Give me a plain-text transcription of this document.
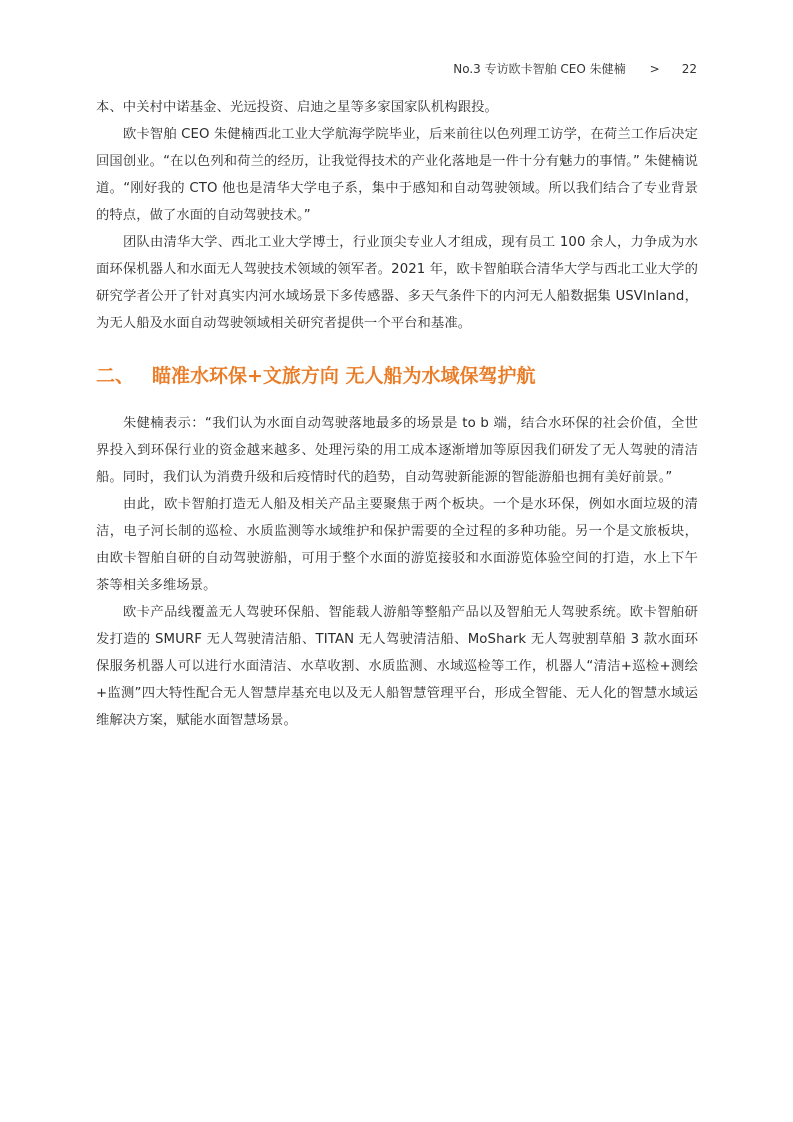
No.3 专访欧卡智舶 CEO 朱健楠 > 22

本、中关村中诺基金、光远投资、启迪之星等多家国家队机构跟投。

欧卡智舶 CEO 朱健楠西北工业大学航海学院毕业，后来前往以色列理工访学，在荷兰工作后决定回国创业。“在以色列和荷兰的经历，让我觉得技术的产业化落地是一件十分有魅力的事情。” 朱健楠说道。“刚好我的 CTO 他也是清华大学电子系，集中于感知和自动驾驶领域。所以我们结合了专业背景的特点，做了水面的自动驾驶技术。”

团队由清华大学、西北工业大学博士，行业顶尖专业人才组成，现有员工 100 余人，力争成为水面环保机器人和水面无人驾驶技术领域的领军者。2021 年，欧卡智舶联合清华大学与西北工业大学的研究学者公开了针对真实内河水域场景下多传感器、多天气条件下的内河无人船数据集 USVlnland，为无人船及水面自动驾驶领域相关研究者提供一个平台和基准。

二、 瞄准水环保+文旅方向 无人船为水域保驾护航

朱健楠表示：“我们认为水面自动驾驶落地最多的场景是 to b 端，结合水环保的社会价值，全世界投入到环保行业的资金越来越多、处理污染的用工成本逐渐增加等原因我们研发了无人驾驶的清洁船。同时，我们认为消费升级和后疫情时代的趋势，自动驾驶新能源的智能游船也拥有美好前景。”

由此，欧卡智舶打造无人船及相关产品主要聚焦于两个板块。一个是水环保，例如水面垃圾的清洁，电子河长制的巡检、水质监测等水域维护和保护需要的全过程的多种功能。另一个是文旅板块，由欧卡智舶自研的自动驾驶游船，可用于整个水面的游览接驳和水面游览体验空间的打造，水上下午茶等相关多维场景。

欧卡产品线覆盖无人驾驶环保船、智能载人游船等整船产品以及智舶无人驾驶系统。欧卡智舶研发打造的 SMURF 无人驾驶清洁船、TITAN 无人驾驶清洁船、MoShark 无人驾驶割草船 3 款水面环保服务机器人可以进行水面清洁、水草收割、水质监测、水域巡检等工作，机器人“清洁+巡检+测绘+监测”四大特性配合无人智慧岸基充电以及无人船智慧管理平台，形成全智能、无人化的智慧水域运维解决方案，赋能水面智慧场景。
